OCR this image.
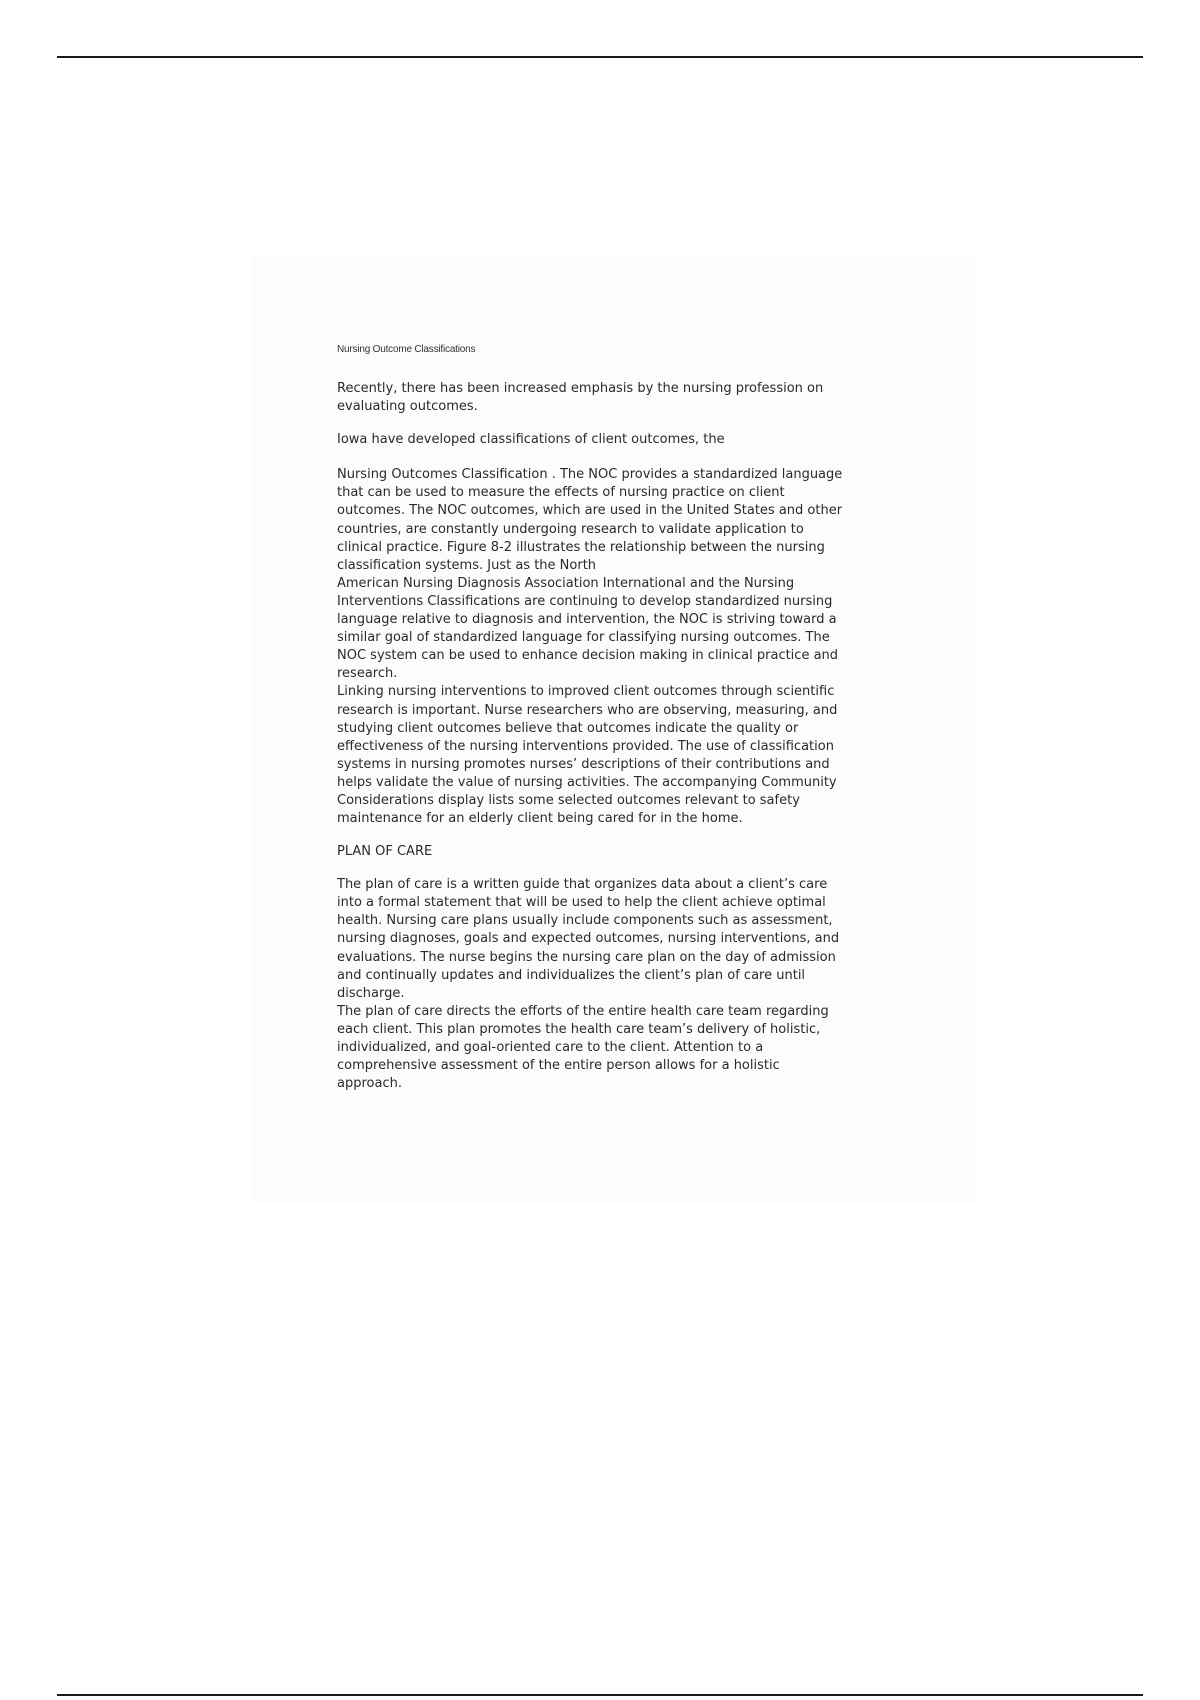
Nursing Outcome Classifications

Recently, there has been increased emphasis by the nursing profession on
evaluating outcomes.

Iowa have developed classifications of client outcomes, the

Nursing Outcomes Classification . The NOC provides a standardized language
that can be used to measure the effects of nursing practice on client
outcomes. The NOC outcomes, which are used in the United States and other
countries, are constantly undergoing research to validate application to
clinical practice. Figure 8-2 illustrates the relationship between the nursing
classification systems. Just as the North

American Nursing Diagnosis Association International and the Nursing
Interventions Classifications are continuing to develop standardized nursing
language relative to diagnosis and intervention, the NOC is striving toward a
similar goal of standardized language for classifying nursing outcomes. The
NOC system can be used to enhance decision making in clinical practice and
research.

Linking nursing interventions to improved client outcomes through scientific
research is important. Nurse researchers who are observing, measuring, and
studying client outcomes believe that outcomes indicate the quality or
effectiveness of the nursing interventions provided. The use of classification
systems in nursing promotes nurses’ descriptions of their contributions and
helps validate the value of nursing activities. The accompanying Community
Considerations display lists some selected outcomes relevant to safety
maintenance for an elderly client being cared for in the home.

PLAN OF CARE

The plan of care is a written guide that organizes data about a client’s care
into a formal statement that will be used to help the client achieve optimal
health. Nursing care plans usually include components such as assessment,
nursing diagnoses, goals and expected outcomes, nursing interventions, and
evaluations. The nurse begins the nursing care plan on the day of admission
and continually updates and individualizes the client’s plan of care until
discharge.

The plan of care directs the efforts of the entire health care team regarding
each client. This plan promotes the health care team’s delivery of holistic,
individualized, and goal-oriented care to the client. Attention to a
comprehensive assessment of the entire person allows for a holistic
approach.
